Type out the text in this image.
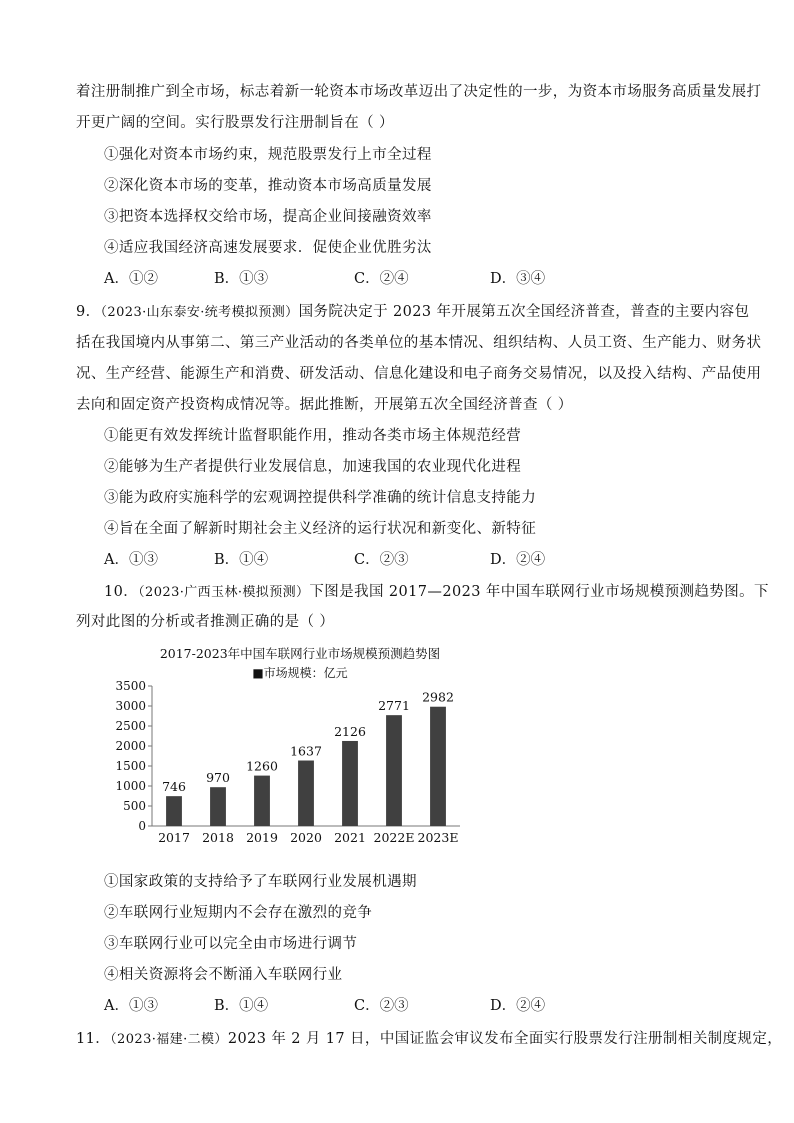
着注册制推广到全市场，标志着新一轮资本市场改革迈出了决定性的一步，为资本市场服务高质量发展打
开更广阔的空间。实行股票发行注册制旨在（ ）
①强化对资本市场约束，规范股票发行上市全过程
②深化资本市场的变革，推动资本市场高质量发展
③把资本选择权交给市场，提高企业间接融资效率
④适应我国经济高速发展要求．促使企业优胜劣汰
A．①②	B．①③	C．②④	D．③④
9．（2023·山东泰安·统考模拟预测）国务院决定于 2023 年开展第五次全国经济普查，普查的主要内容包
括在我国境内从事第二、第三产业活动的各类单位的基本情况、组织结构、人员工资、生产能力、财务状
况、生产经营、能源生产和消费、研发活动、信息化建设和电子商务交易情况，以及投入结构、产品使用
去向和固定资产投资构成情况等。据此推断，开展第五次全国经济普查（ ）
①能更有效发挥统计监督职能作用，推动各类市场主体规范经营
②能够为生产者提供行业发展信息，加速我国的农业现代化进程
③能为政府实施科学的宏观调控提供科学准确的统计信息支持能力
④旨在全面了解新时期社会主义经济的运行状况和新变化、新特征
A．①③	B．①④	C．②③	D．②④
10．（2023·广西玉林·模拟预测）下图是我国 2017—2023 年中国车联网行业市场规模预测趋势图。下
列对此图的分析或者推测正确的是（ ）
2017-2023年中国车联网行业市场规模预测趋势图
■市场规模：亿元
0
500
1000
1500
2000
2500
3000
3500
746
2017
970
2018
1260
2019
1637
2020
2126
2021
2771
2022E
2982
2023E
①国家政策的支持给予了车联网行业发展机遇期
②车联网行业短期内不会存在激烈的竞争
③车联网行业可以完全由市场进行调节
④相关资源将会不断涌入车联网行业
A．①③	B．①④	C．②③	D．②④
11．（2023·福建·二模）2023 年 2 月 17 日，中国证监会审议发布全面实行股票发行注册制相关制度规定，
